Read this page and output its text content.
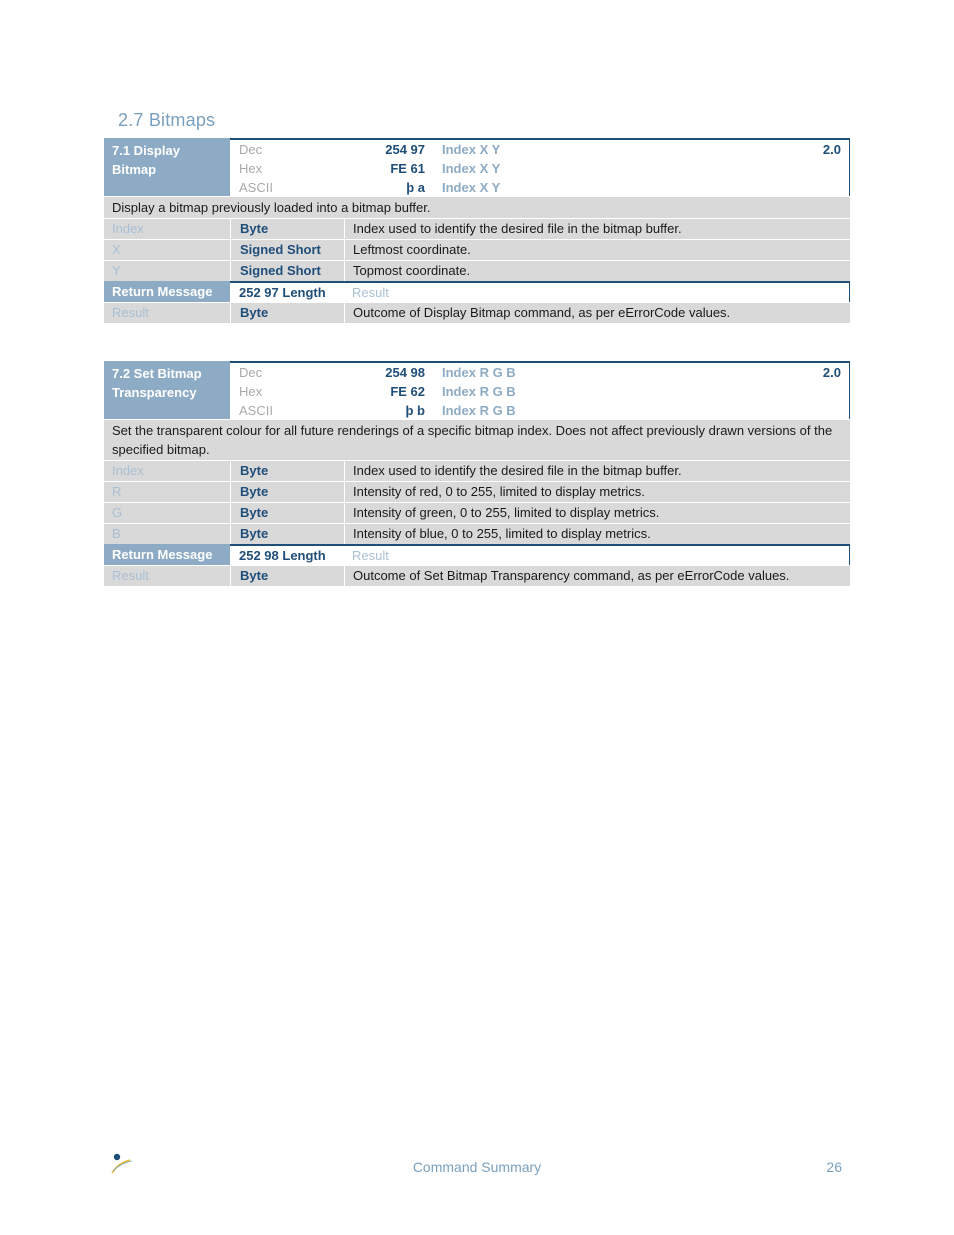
2.7 Bitmaps
7.1 Display
Bitmap
Dec	254 97 Index X Y	2.0
Hex	FE 61 Index X Y
ASCII	þ a Index X Y
Display a bitmap previously loaded into a bitmap buffer.
Index	Byte	Index used to identify the desired file in the bitmap buffer.
X	Signed Short	Leftmost coordinate.
Y	Signed Short	Topmost coordinate.
Return Message	252 97 Length	Result
Result	Byte	Outcome of Display Bitmap command, as per eErrorCode values.
7.2 Set Bitmap
Transparency
Dec	254 98 Index R G B	2.0
Hex	FE 62 Index R G B
ASCII	þ b Index R G B
Set the transparent colour for all future renderings of a specific bitmap index. Does not affect previously drawn versions of the specified bitmap.
Index	Byte	Index used to identify the desired file in the bitmap buffer.
R	Byte	Intensity of red, 0 to 255, limited to display metrics.
G	Byte	Intensity of green, 0 to 255, limited to display metrics.
B	Byte	Intensity of blue, 0 to 255, limited to display metrics.
Return Message	252 98 Length	Result
Result	Byte	Outcome of Set Bitmap Transparency command, as per eErrorCode values.
Command Summary	26
